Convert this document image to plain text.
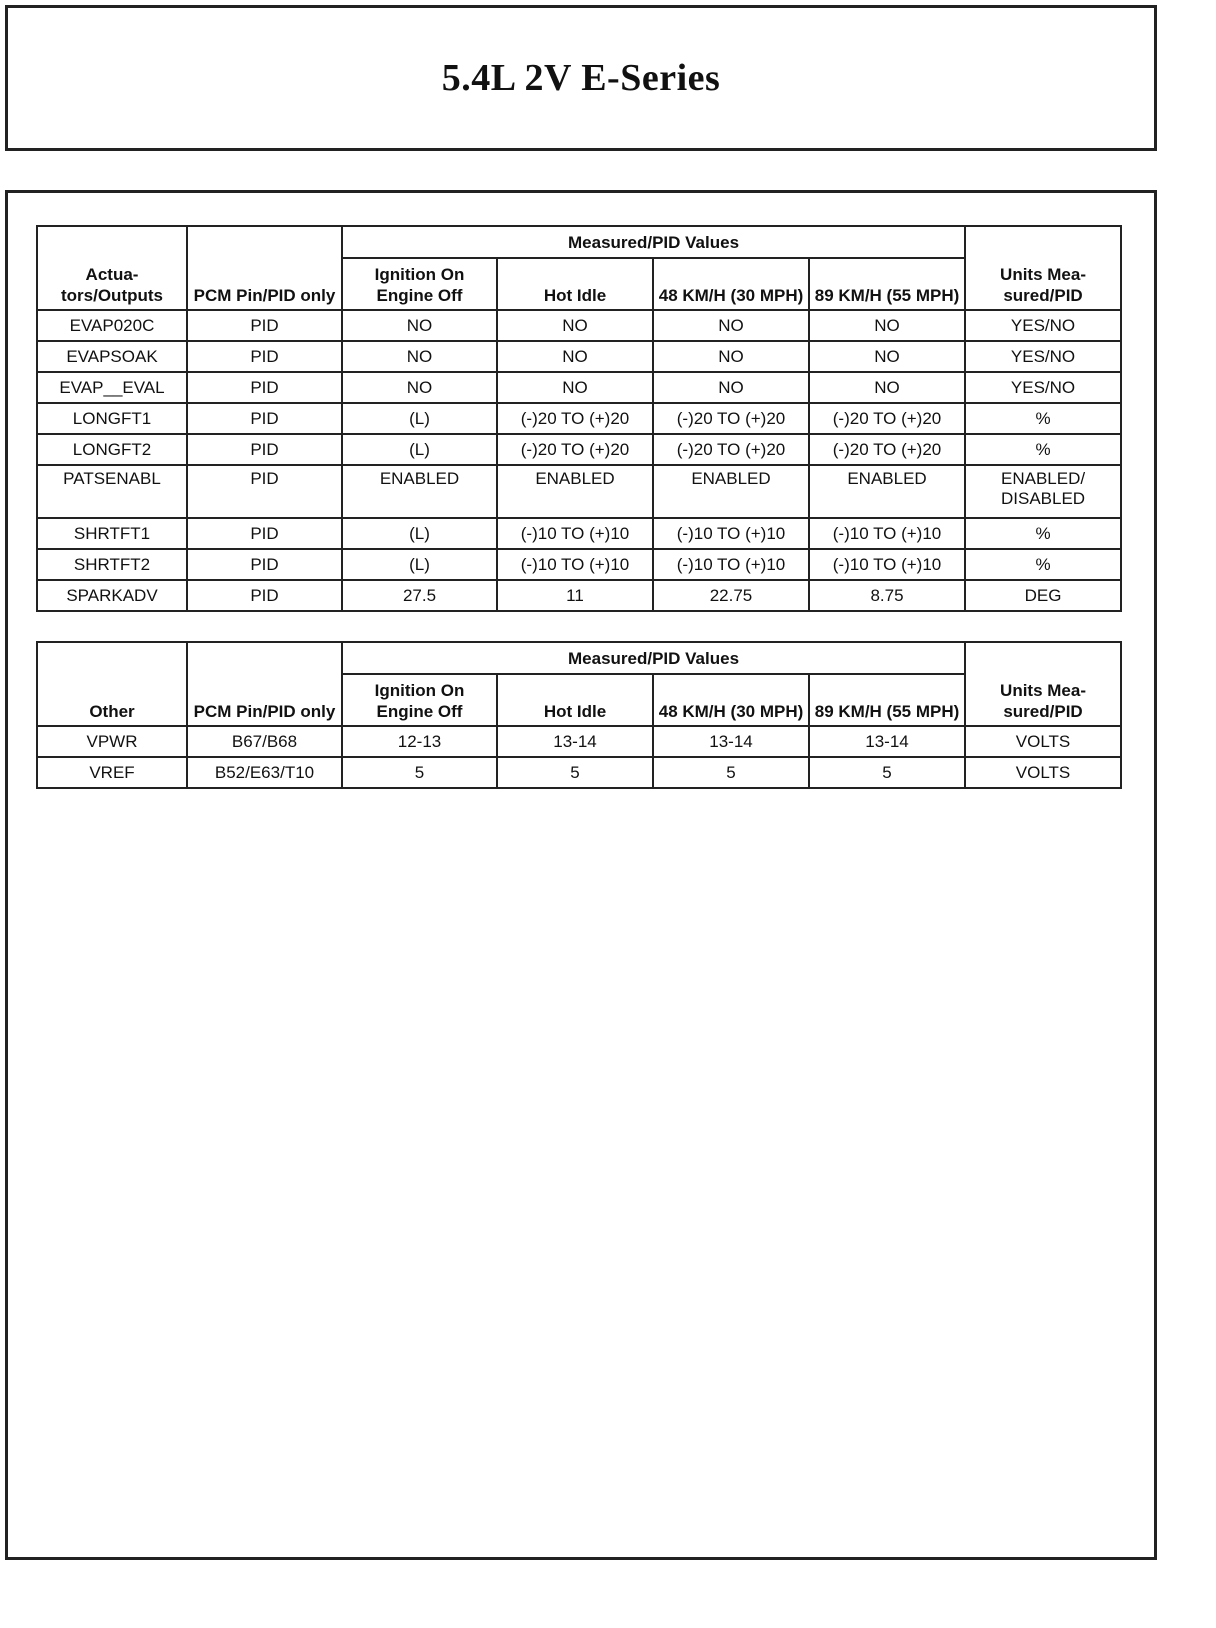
5.4L 2V E-Series
Actua-tors/Outputs	PCM Pin/PID only	Measured/PID Values				Units Mea-sured/PID
		Ignition On Engine Off	Hot Idle	48 KM/H (30 MPH)	89 KM/H (55 MPH)	
EVAP020C	PID	NO	NO	NO	NO	YES/NO
EVAPSOAK	PID	NO	NO	NO	NO	YES/NO
EVAP__EVAL	PID	NO	NO	NO	NO	YES/NO
LONGFT1	PID	(L)	(-)20 TO (+)20	(-)20 TO (+)20	(-)20 TO (+)20	%
LONGFT2	PID	(L)	(-)20 TO (+)20	(-)20 TO (+)20	(-)20 TO (+)20	%
PATSENABL	PID	ENABLED	ENABLED	ENABLED	ENABLED	ENABLED/ DISABLED
SHRTFT1	PID	(L)	(-)10 TO (+)10	(-)10 TO (+)10	(-)10 TO (+)10	%
SHRTFT2	PID	(L)	(-)10 TO (+)10	(-)10 TO (+)10	(-)10 TO (+)10	%
SPARKADV	PID	27.5	11	22.75	8.75	DEG
Other	PCM Pin/PID only	Measured/PID Values				Units Mea-sured/PID
		Ignition On Engine Off	Hot Idle	48 KM/H (30 MPH)	89 KM/H (55 MPH)	
VPWR	B67/B68	12-13	13-14	13-14	13-14	VOLTS
VREF	B52/E63/T10	5	5	5	5	VOLTS
